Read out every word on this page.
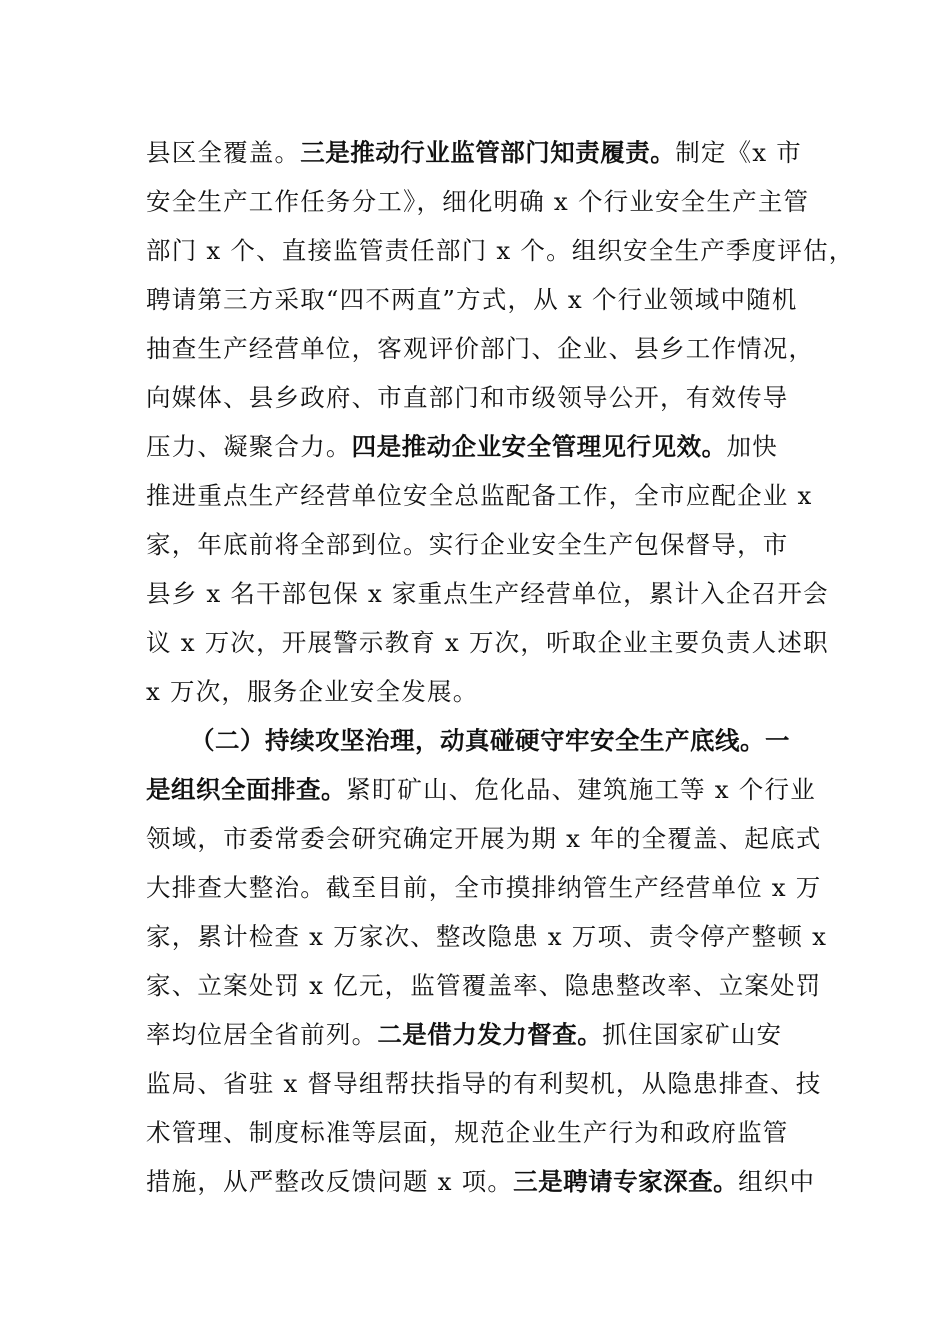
县区全覆盖。三是推动行业监管部门知责履责。制定《x 市
安全生产工作任务分工》，细化明确 x 个行业安全生产主管
部门 x 个、直接监管责任部门 x 个。组织安全生产季度评估，
聘请第三方采取“四不两直”方式，从 x 个行业领域中随机
抽查生产经营单位，客观评价部门、企业、县乡工作情况，
向媒体、县乡政府、市直部门和市级领导公开，有效传导
压力、凝聚合力。四是推动企业安全管理见行见效。加快
推进重点生产经营单位安全总监配备工作，全市应配企业 x
家，年底前将全部到位。实行企业安全生产包保督导，市
县乡 x 名干部包保 x 家重点生产经营单位，累计入企召开会
议 x 万次，开展警示教育 x 万次，听取企业主要负责人述职
x 万次，服务企业安全发展。
（二）持续攻坚治理，动真碰硬守牢安全生产底线。一
是组织全面排查。紧盯矿山、危化品、建筑施工等 x 个行业
领域，市委常委会研究确定开展为期 x 年的全覆盖、起底式
大排查大整治。截至目前，全市摸排纳管生产经营单位 x 万
家，累计检查 x 万家次、整改隐患 x 万项、责令停产整顿 x
家、立案处罚 x 亿元，监管覆盖率、隐患整改率、立案处罚
率均位居全省前列。二是借力发力督查。抓住国家矿山安
监局、省驻 x 督导组帮扶指导的有利契机，从隐患排查、技
术管理、制度标准等层面，规范企业生产行为和政府监管
措施，从严整改反馈问题 x 项。三是聘请专家深查。组织中
